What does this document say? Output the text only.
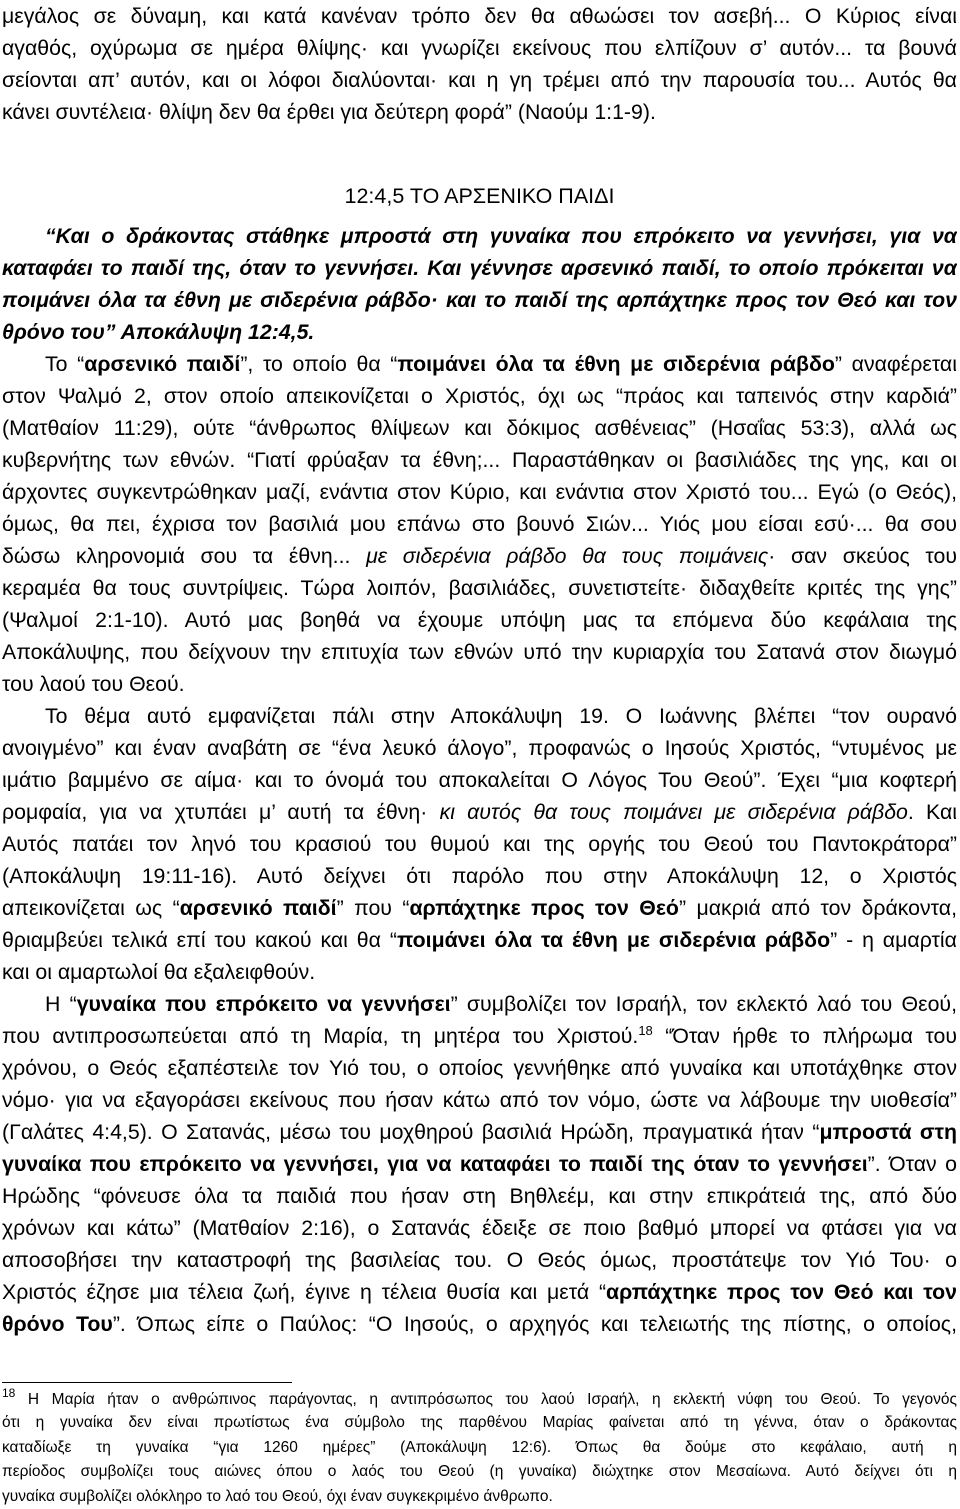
μεγάλος σε δύναμη, και κατά κανέναν τρόπο δεν θα αθωώσει τον ασεβή... Ο Κύριος είναι
αγαθός, οχύρωμα σε ημέρα θλίψης· και γνωρίζει εκείνους που ελπίζουν σ’ αυτόν... τα βουνά
σείονται απ’ αυτόν, και οι λόφοι διαλύονται· και η γη τρέμει από την παρουσία του... Αυτός θα
κάνει συντέλεια· θλίψη δεν θα έρθει για δεύτερη φορά” (Ναούμ 1:1-9).
12:4,5 ΤΟ ΑΡΣΕΝΙΚΟ ΠΑΙΔΙ
“Και ο δράκοντας στάθηκε μπροστά στη γυναίκα που επρόκειτο να γεννήσει, για να
καταφάει το παιδί της, όταν το γεννήσει. Και γέννησε αρσενικό παιδί, το οποίο πρόκειται να
ποιμάνει όλα τα έθνη με σιδερένια ράβδο· και το παιδί της αρπάχτηκε προς τον Θεό και τον
θρόνο του” Αποκάλυψη 12:4,5.
Το “αρσενικό παιδί”, το οποίο θα “ποιμάνει όλα τα έθνη με σιδερένια ράβδο” αναφέρεται
στον Ψαλμό 2, στον οποίο απεικονίζεται ο Χριστός, όχι ως “πράος και ταπεινός στην καρδιά”
(Ματθαίον 11:29), ούτε “άνθρωπος θλίψεων και δόκιμος ασθένειας” (Ησαΐας 53:3), αλλά ως
κυβερνήτης των εθνών. “Γιατί φρύαξαν τα έθνη;... Παραστάθηκαν οι βασιλιάδες της γης, και οι
άρχοντες συγκεντρώθηκαν μαζί, ενάντια στον Κύριο, και ενάντια στον Χριστό του... Εγώ (ο Θεός),
όμως, θα πει, έχρισα τον βασιλιά μου επάνω στο βουνό Σιών... Υιός μου είσαι εσύ·... θα σου
δώσω κληρονομιά σου τα έθνη... με σιδερένια ράβδο θα τους ποιμάνεις· σαν σκεύος του
κεραμέα θα τους συντρίψεις. Τώρα λοιπόν, βασιλιάδες, συνετιστείτε· διδαχθείτε κριτές της γης”
(Ψαλμοί 2:1-10). Αυτό μας βοηθά να έχουμε υπόψη μας τα επόμενα δύο κεφάλαια της
Αποκάλυψης, που δείχνουν την επιτυχία των εθνών υπό την κυριαρχία του Σατανά στον διωγμό
του λαού του Θεού.
Το θέμα αυτό εμφανίζεται πάλι στην Αποκάλυψη 19. Ο Ιωάννης βλέπει “τον ουρανό
ανοιγμένο” και έναν αναβάτη σε “ένα λευκό άλογο”, προφανώς ο Ιησούς Χριστός, “ντυμένος με
ιμάτιο βαμμένο σε αίμα· και το όνομά του αποκαλείται Ο Λόγος Του Θεού”. Έχει “μια κοφτερή
ρομφαία, για να χτυπάει μ’ αυτή τα έθνη· κι αυτός θα τους ποιμάνει με σιδερένια ράβδο. Και
Αυτός πατάει τον ληνό του κρασιού του θυμού και της οργής του Θεού του Παντοκράτορα”
(Αποκάλυψη 19:11-16). Αυτό δείχνει ότι παρόλο που στην Αποκάλυψη 12, ο Χριστός
απεικονίζεται ως “αρσενικό παιδί” που “αρπάχτηκε προς τον Θεό” μακριά από τον δράκοντα,
θριαμβεύει τελικά επί του κακού και θα “ποιμάνει όλα τα έθνη με σιδερένια ράβδο” - η αμαρτία
και οι αμαρτωλοί θα εξαλειφθούν.
Η “γυναίκα που επρόκειτο να γεννήσει” συμβολίζει τον Ισραήλ, τον εκλεκτό λαό του Θεού,
που αντιπροσωπεύεται από τη Μαρία, τη μητέρα του Χριστού.$^{18}$ “Όταν ήρθε το πλήρωμα του
χρόνου, ο Θεός εξαπέστειλε τον Υιό του, ο οποίος γεννήθηκε από γυναίκα και υποτάχθηκε στον
νόμο· για να εξαγοράσει εκείνους που ήσαν κάτω από τον νόμο, ώστε να λάβουμε την υιοθεσία”
(Γαλάτες 4:4,5). Ο Σατανάς, μέσω του μοχθηρού βασιλιά Ηρώδη, πραγματικά ήταν “μπροστά στη
γυναίκα που επρόκειτο να γεννήσει, για να καταφάει το παιδί της όταν το γεννήσει”. Όταν ο
Ηρώδης “φόνευσε όλα τα παιδιά που ήσαν στη Βηθλεέμ, και στην επικράτειά της, από δύο
χρόνων και κάτω” (Ματθαίον 2:16), ο Σατανάς έδειξε σε ποιο βαθμό μπορεί να φτάσει για να
αποσοβήσει την καταστροφή της βασιλείας του. Ο Θεός όμως, προστάτεψε τον Υιό Του· ο
Χριστός έζησε μια τέλεια ζωή, έγινε η τέλεια θυσία και μετά “αρπάχτηκε προς τον Θεό και τον
θρόνο Του”. Όπως είπε ο Παύλος: “Ο Ιησούς, ο αρχηγός και τελειωτής της πίστης, ο οποίος,
$^{18}$ Η Μαρία ήταν ο ανθρώπινος παράγοντας, η αντιπρόσωπος του λαού Ισραήλ, η εκλεκτή νύφη του Θεού. Το γεγονός
ότι η γυναίκα δεν είναι πρωτίστως ένα σύμβολο της παρθένου Μαρίας φαίνεται από τη γέννα, όταν ο δράκοντας
καταδίωξε τη γυναίκα “για 1260 ημέρες” (Αποκάλυψη 12:6). Όπως θα δούμε στο κεφάλαιο, αυτή η
περίοδος συμβολίζει τους αιώνες όπου ο λαός του Θεού (η γυναίκα) διώχτηκε στον Μεσαίωνα. Αυτό δείχνει ότι η
γυναίκα συμβολίζει ολόκληρο το λαό του Θεού, όχι έναν συγκεκριμένο άνθρωπο.
